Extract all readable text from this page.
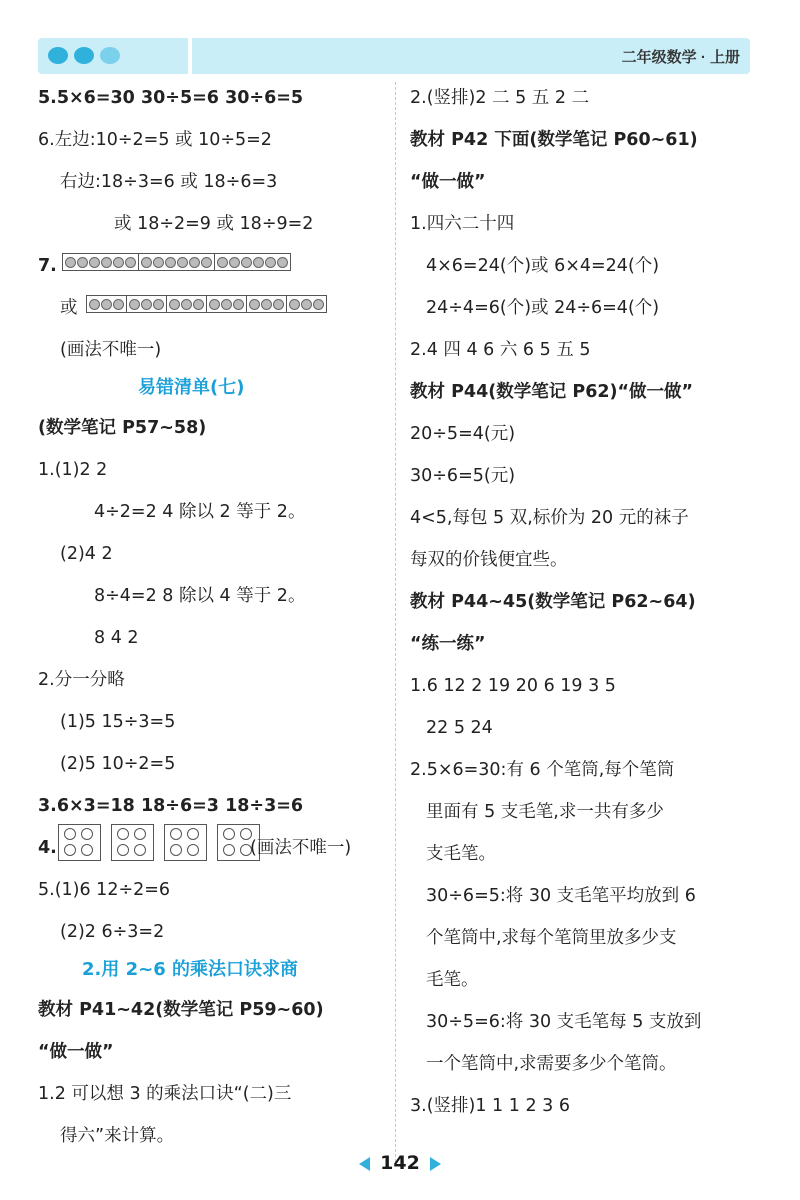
二年级数学 · 上册
5.5×6=30 30÷5=6 30÷6=5
6.左边:10÷2=5 或 10÷5=2
右边:18÷3=6 或 18÷6=3
或 18÷2=9 或 18÷9=2
7.
或
(画法不唯一)
易错清单(七)
(数学笔记 P57~58)
1.(1)2 2
4÷2=2 4 除以 2 等于 2。
(2)4 2
8÷4=2 8 除以 4 等于 2。
8 4 2
2.分一分略
(1)5 15÷3=5
(2)5 10÷2=5
3.6×3=18 18÷6=3 18÷3=6
4.	(画法不唯一)
5.(1)6 12÷2=6
(2)2 6÷3=2
2.用 2~6 的乘法口诀求商
教材 P41~42(数学笔记 P59~60)
“做一做”
1.2 可以想 3 的乘法口诀“(二)三
得六”来计算。
2.(竖排)2 二 5 五 2 二
教材 P42 下面(数学笔记 P60~61)
“做一做”
1.四六二十四
4×6=24(个)或 6×4=24(个)
24÷4=6(个)或 24÷6=4(个)
2.4 四 4 6 六 6 5 五 5
教材 P44(数学笔记 P62)“做一做”
20÷5=4(元)
30÷6=5(元)
4<5,每包 5 双,标价为 20 元的袜子
每双的价钱便宜些。
教材 P44~45(数学笔记 P62~64)
“练一练”
1.6 12 2 19 20 6 19 3 5
22 5 24
2.5×6=30:有 6 个笔筒,每个笔筒
里面有 5 支毛笔,求一共有多少
支毛笔。
30÷6=5:将 30 支毛笔平均放到 6
个笔筒中,求每个笔筒里放多少支
毛笔。
30÷5=6:将 30 支毛笔每 5 支放到
一个笔筒中,求需要多少个笔筒。
3.(竖排)1 1 1 2 3 6
142
